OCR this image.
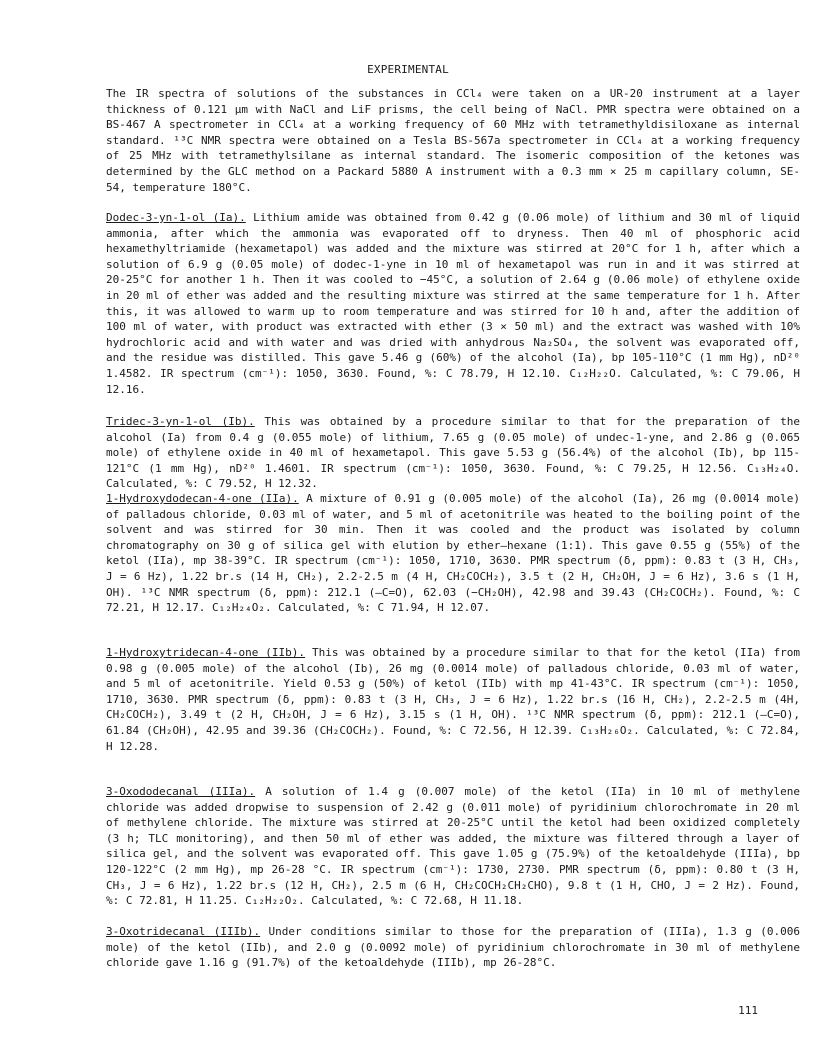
EXPERIMENTAL

The IR spectra of solutions of the substances in CCl₄ were taken on a UR-20 instrument at a layer thickness of 0.121 µm with NaCl and LiF prisms, the cell being of NaCl. PMR spectra were obtained on a BS-467 A spectrometer in CCl₄ at a working frequency of 60 MHz with tetramethyldisiloxane as internal standard. ¹³C NMR spectra were obtained on a Tesla BS-567a spectrometer in CCl₄ at a working frequency of 25 MHz with tetramethylsilane as internal standard. The isomeric composition of the ketones was determined by the GLC method on a Packard 5880 A instrument with a 0.3 mm × 25 m capillary column, SE-54, temperature 180°C.

Dodec-3-yn-1-ol (Ia). Lithium amide was obtained from 0.42 g (0.06 mole) of lithium and 30 ml of liquid ammonia, after which the ammonia was evaporated off to dryness. Then 40 ml of phosphoric acid hexamethyltriamide (hexametapol) was added and the mixture was stirred at 20°C for 1 h, after which a solution of 6.9 g (0.05 mole) of dodec-1-yne in 10 ml of hexametapol was run in and it was stirred at 20-25°C for another 1 h. Then it was cooled to −45°C, a solution of 2.64 g (0.06 mole) of ethylene oxide in 20 ml of ether was added and the resulting mixture was stirred at the same temperature for 1 h. After this, it was allowed to warm up to room temperature and was stirred for 10 h and, after the addition of 100 ml of water, with product was extracted with ether (3 × 50 ml) and the extract was washed with 10% hydrochloric acid and with water and was dried with anhydrous Na₂SO₄, the solvent was evaporated off, and the residue was distilled. This gave 5.46 g (60%) of the alcohol (Ia), bp 105-110°C (1 mm Hg), nD²⁰ 1.4582. IR spectrum (cm⁻¹): 1050, 3630. Found, %: C 78.79, H 12.10. C₁₂H₂₂O. Calculated, %: C 79.06, H 12.16.

Tridec-3-yn-1-ol (Ib). This was obtained by a procedure similar to that for the preparation of the alcohol (Ia) from 0.4 g (0.055 mole) of lithium, 7.65 g (0.05 mole) of undec-1-yne, and 2.86 g (0.065 mole) of ethylene oxide in 40 ml of hexametapol. This gave 5.53 g (56.4%) of the alcohol (Ib), bp 115-121°C (1 mm Hg), nD²⁰ 1.4601. IR spectrum (cm⁻¹): 1050, 3630. Found, %: C 79.25, H 12.56. C₁₃H₂₄O. Calculated, %: C 79.52, H 12.32.

1-Hydroxydodecan-4-one (IIa). A mixture of 0.91 g (0.005 mole) of the alcohol (Ia), 26 mg (0.0014 mole) of palladous chloride, 0.03 ml of water, and 5 ml of acetonitrile was heated to the boiling point of the solvent and was stirred for 30 min. Then it was cooled and the product was isolated by column chromatography on 30 g of silica gel with elution by ether–hexane (1:1). This gave 0.55 g (55%) of the ketol (IIa), mp 38-39°C. IR spectrum (cm⁻¹): 1050, 1710, 3630. PMR spectrum (δ, ppm): 0.83 t (3 H, CH₃, J = 6 Hz), 1.22 br.s (14 H, CH₂), 2.2-2.5 m (4 H, CH₂COCH₂), 3.5 t (2 H, CH₂OH, J = 6 Hz), 3.6 s (1 H, OH). ¹³C NMR spectrum (δ, ppm): 212.1 (—C=O), 62.03 (−CH₂OH), 42.98 and 39.43 (CH₂COCH₂). Found, %: C 72.21, H 12.17. C₁₂H₂₄O₂. Calculated, %: C 71.94, H 12.07.

1-Hydroxytridecan-4-one (IIb). This was obtained by a procedure similar to that for the ketol (IIa) from 0.98 g (0.005 mole) of the alcohol (Ib), 26 mg (0.0014 mole) of palladous chloride, 0.03 ml of water, and 5 ml of acetonitrile. Yield 0.53 g (50%) of ketol (IIb) with mp 41-43°C. IR spectrum (cm⁻¹): 1050, 1710, 3630. PMR spectrum (δ, ppm): 0.83 t (3 H, CH₃, J = 6 Hz), 1.22 br.s (16 H, CH₂), 2.2-2.5 m (4H, CH₂COCH₂), 3.49 t (2 H, CH₂OH, J = 6 Hz), 3.15 s (1 H, OH). ¹³C NMR spectrum (δ, ppm): 212.1 (—C=O), 61.84 (CH₂OH), 42.95 and 39.36 (CH₂COCH₂). Found, %: C 72.56, H 12.39. C₁₃H₂₆O₂. Calculated, %: C 72.84, H 12.28.

3-Oxododecanal (IIIa). A solution of 1.4 g (0.007 mole) of the ketol (IIa) in 10 ml of methylene chloride was added dropwise to suspension of 2.42 g (0.011 mole) of pyridinium chlorochromate in 20 ml of methylene chloride. The mixture was stirred at 20-25°C until the ketol had been oxidized completely (3 h; TLC monitoring), and then 50 ml of ether was added, the mixture was filtered through a layer of silica gel, and the solvent was evaporated off. This gave 1.05 g (75.9%) of the ketoaldehyde (IIIa), bp 120-122°C (2 mm Hg), mp 26-28 °C. IR spectrum (cm⁻¹): 1730, 2730. PMR spectrum (δ, ppm): 0.80 t (3 H, CH₃, J = 6 Hz), 1.22 br.s (12 H, CH₂), 2.5 m (6 H, CH₂COCH₂CH₂CHO), 9.8 t (1 H, CHO, J = 2 Hz). Found, %: C 72.81, H 11.25. C₁₂H₂₂O₂. Calculated, %: C 72.68, H 11.18.

3-Oxotridecanal (IIIb). Under conditions similar to those for the preparation of (IIIa), 1.3 g (0.006 mole) of the ketol (IIb), and 2.0 g (0.0092 mole) of pyridinium chlorochromate in 30 ml of methylene chloride gave 1.16 g (91.7%) of the ketoaldehyde (IIIb), mp 26-28°C.

111
